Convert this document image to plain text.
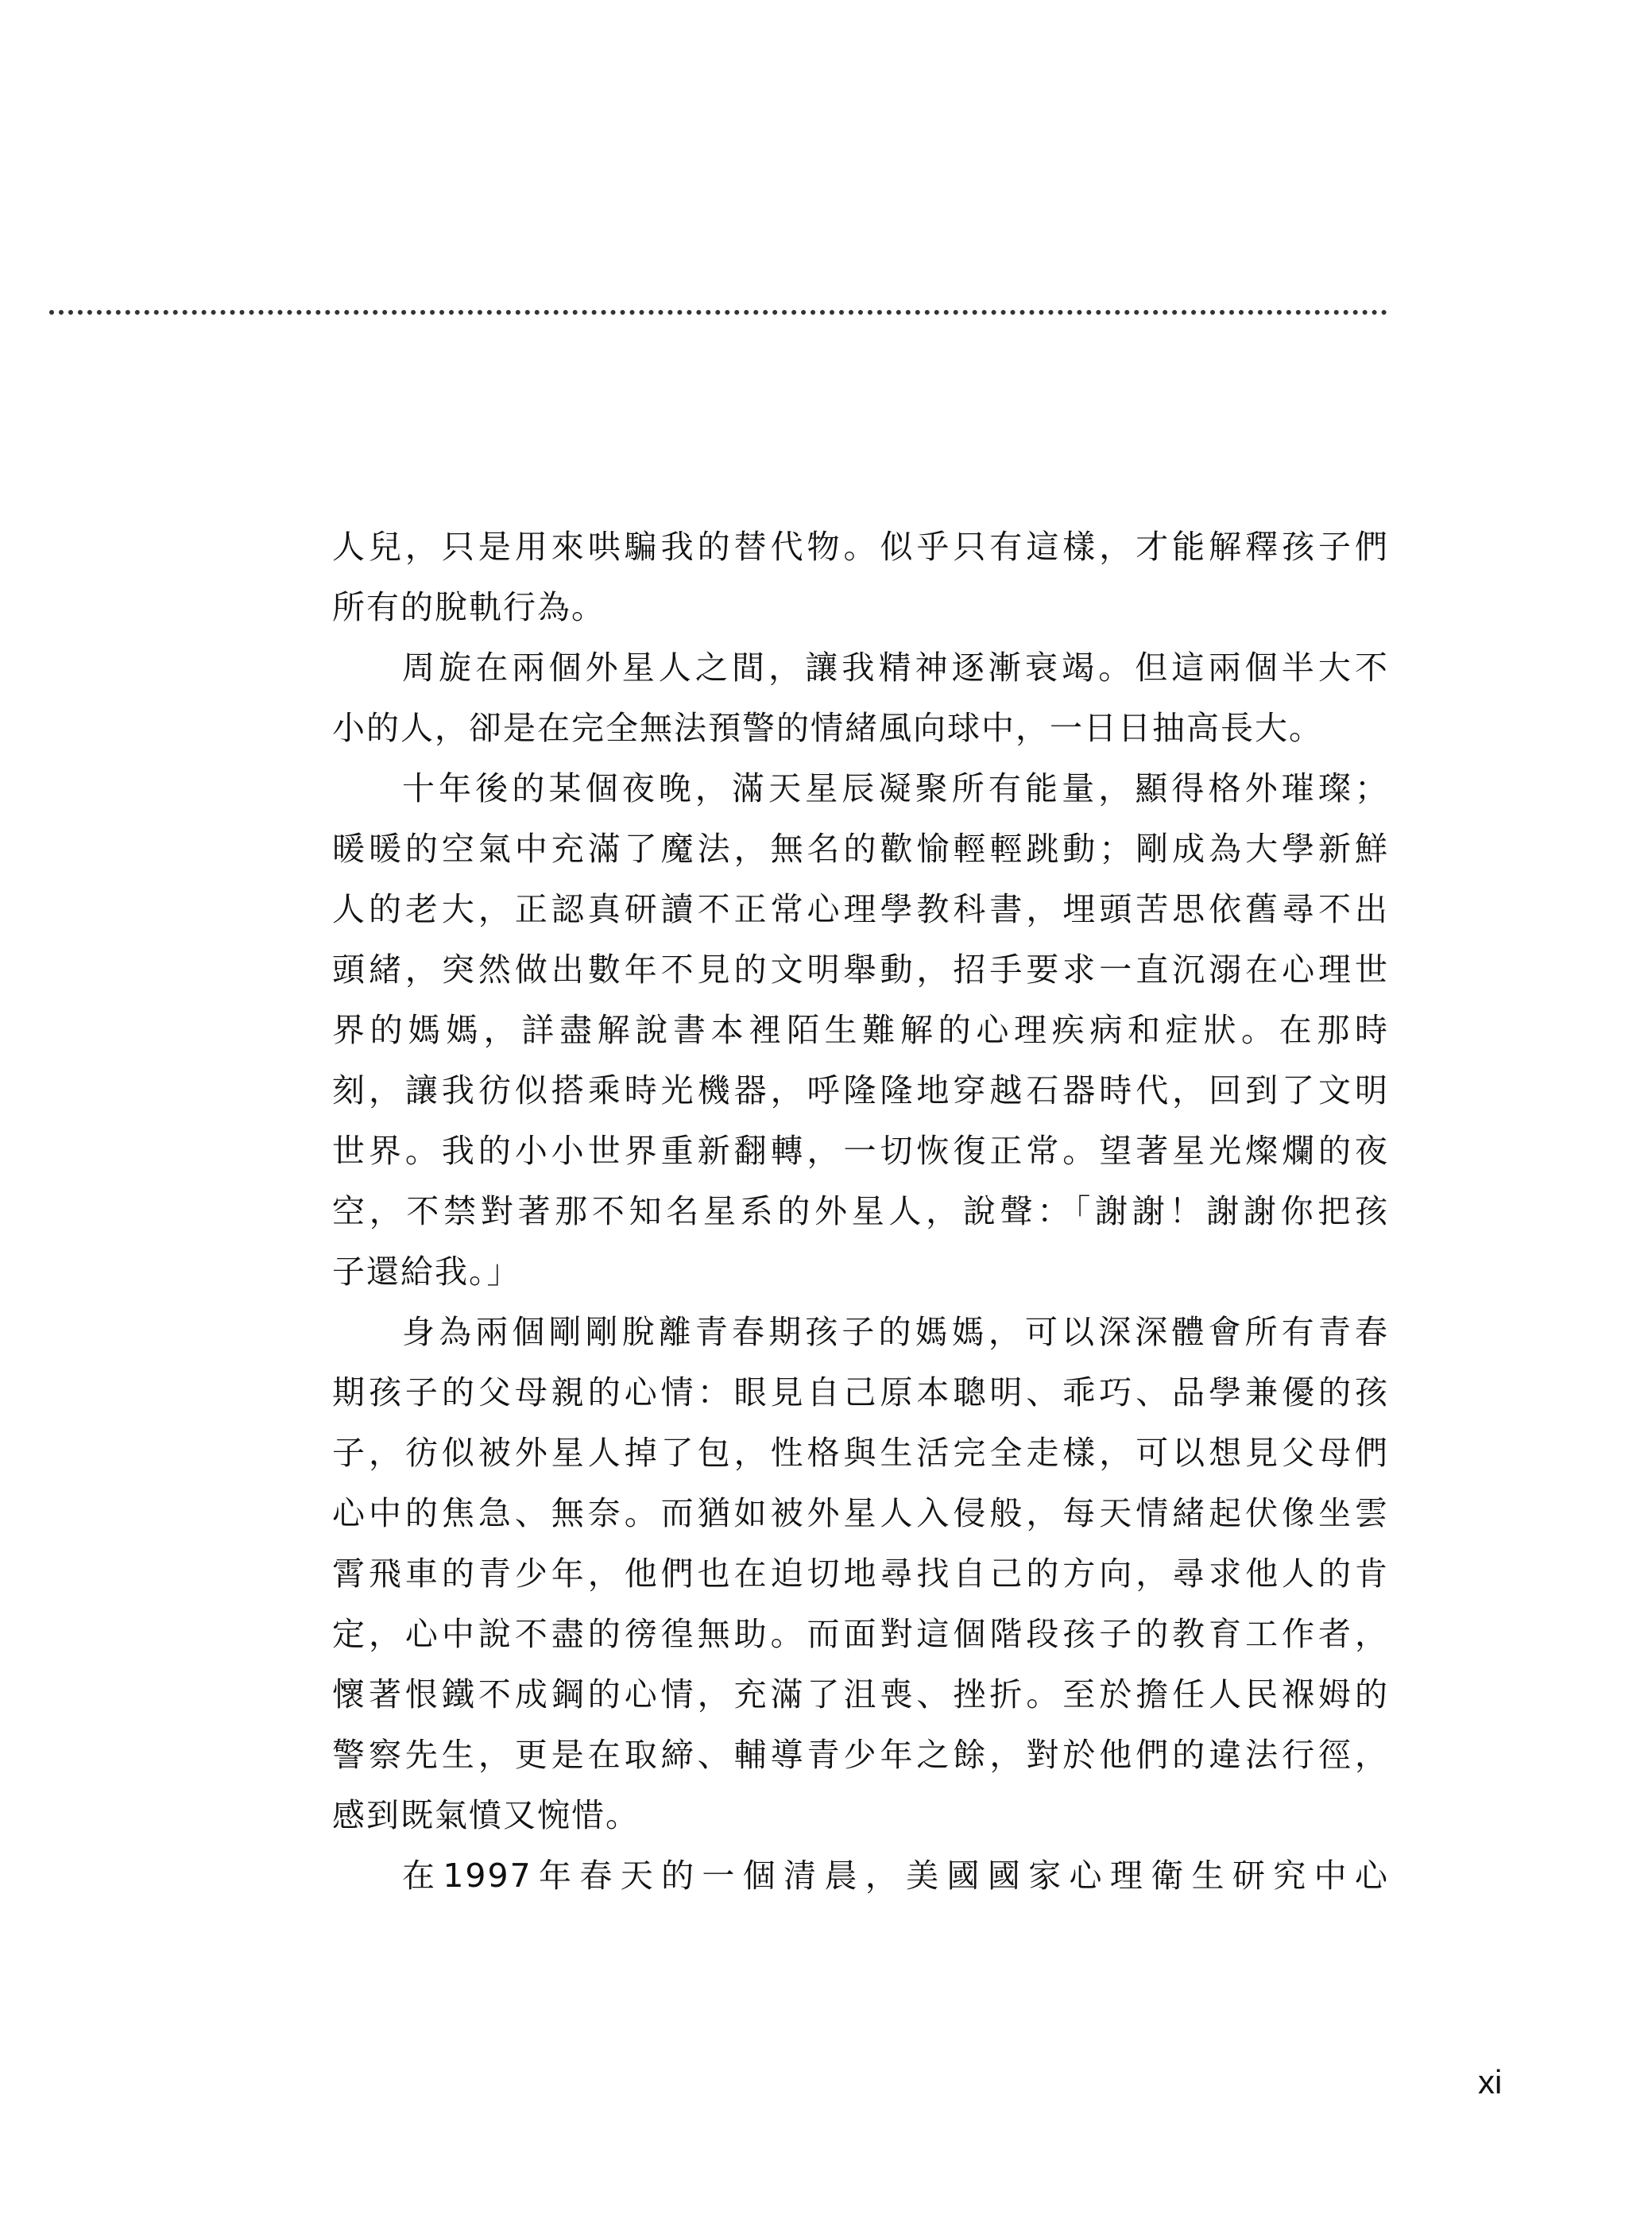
人兒，只是用來哄騙我的替代物。似乎只有這樣，才能解釋孩子們
所有的脫軌行為。
周旋在兩個外星人之間，讓我精神逐漸衰竭。但這兩個半大不
小的人，卻是在完全無法預警的情緒風向球中，一日日抽高長大。
十年後的某個夜晚，滿天星辰凝聚所有能量，顯得格外璀璨；
暖暖的空氣中充滿了魔法，無名的歡愉輕輕跳動；剛成為大學新鮮
人的老大，正認真研讀不正常心理學教科書，埋頭苦思依舊尋不出
頭緒，突然做出數年不見的文明舉動，招手要求一直沉溺在心理世
界的媽媽，詳盡解說書本裡陌生難解的心理疾病和症狀。在那時
刻，讓我彷似搭乘時光機器，呼隆隆地穿越石器時代，回到了文明
世界。我的小小世界重新翻轉，一切恢復正常。望著星光燦爛的夜
空，不禁對著那不知名星系的外星人，說聲：「謝謝！謝謝你把孩
子還給我。」
身為兩個剛剛脫離青春期孩子的媽媽，可以深深體會所有青春
期孩子的父母親的心情：眼見自己原本聰明、乖巧、品學兼優的孩
子，彷似被外星人掉了包，性格與生活完全走樣，可以想見父母們
心中的焦急、無奈。而猶如被外星人入侵般，每天情緒起伏像坐雲
霄飛車的青少年，他們也在迫切地尋找自己的方向，尋求他人的肯
定，心中說不盡的徬徨無助。而面對這個階段孩子的教育工作者，
懷著恨鐵不成鋼的心情，充滿了沮喪、挫折。至於擔任人民褓姆的
警察先生，更是在取締、輔導青少年之餘，對於他們的違法行徑，
感到既氣憤又惋惜。
在1997年春天的一個清晨，美國國家心理衛生研究中心
xi
